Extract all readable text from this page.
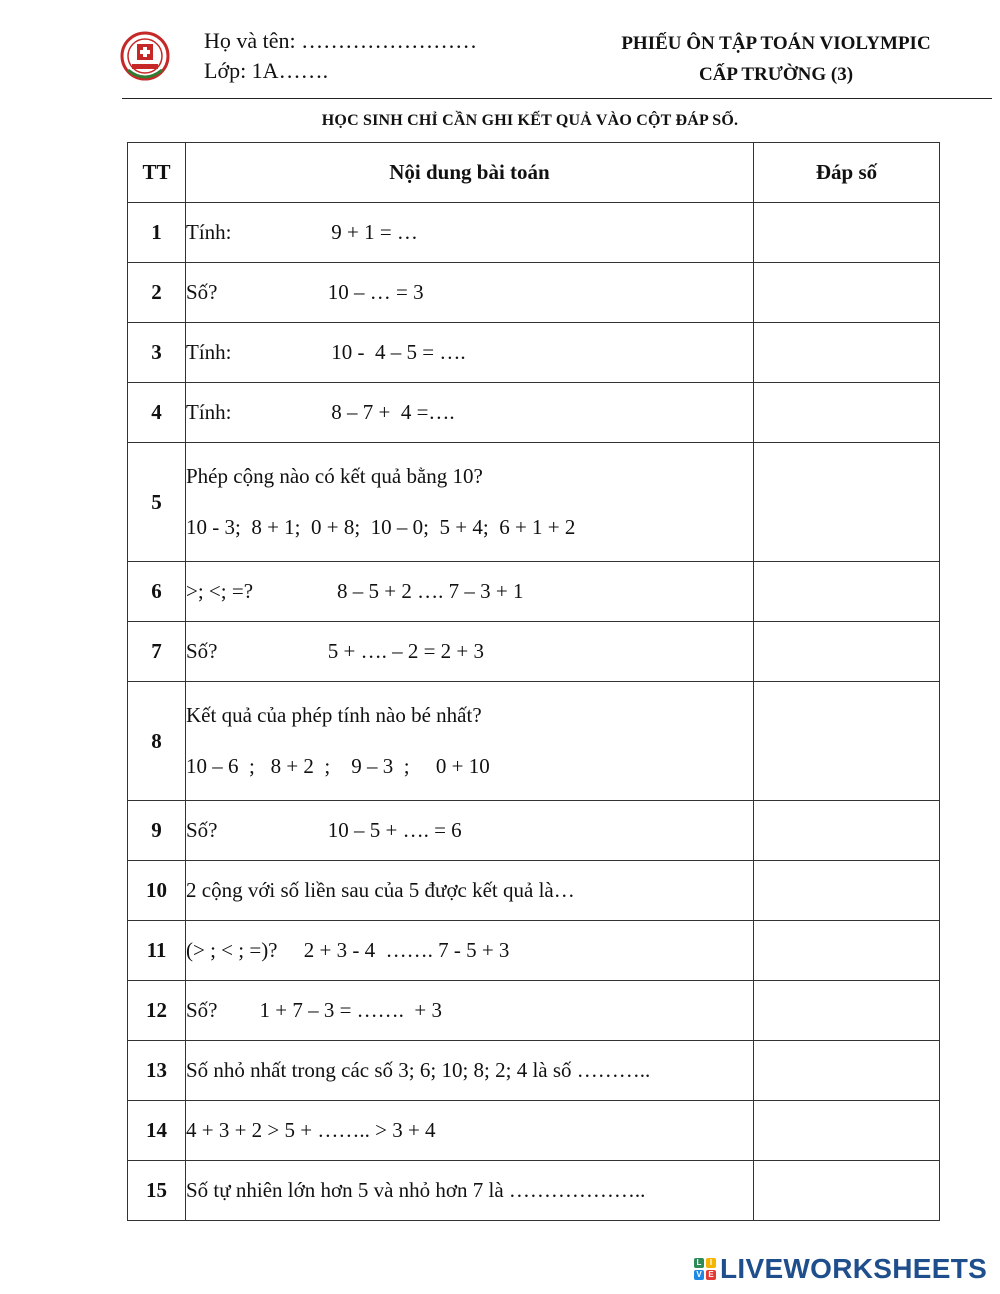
Họ và tên: ……………………
Lớp: 1A…….
PHIẾU ÔN TẬP TOÁN VIOLYMPIC
CẤP TRƯỜNG (3)
HỌC SINH CHỈ CẦN GHI KẾT QUẢ VÀO CỘT ĐÁP SỐ.
TT	Nội dung bài toán	Đáp số
1	Tính:                   9 + 1 = …

2	Số?                     10 – … = 3

3	Tính:                   10 -  4 – 5 = ….

4	Tính:                   8 – 7 +  4 =….

5	Phép cộng nào có kết quả bằng 10?
10 - 3;  8 + 1;  0 + 8;  10 – 0;  5 + 4;  6 + 1 + 2

6	>; <; =?                8 – 5 + 2 …. 7 – 3 + 1

7	Số?                     5 + …. – 2 = 2 + 3

8	Kết quả của phép tính nào bé nhất?
10 – 6  ;   8 + 2  ;    9 – 3  ;     0 + 10

9	Số?                     10 – 5 + …. = 6

10	2 cộng với số liền sau của 5 được kết quả là…

11	(> ; < ; =)?     2 + 3 - 4  ……. 7 - 5 + 3

12	Số?        1 + 7 – 3 = …….  + 3

13	Số nhỏ nhất trong các số 3; 6; 10; 8; 2; 4 là số ………..

14	4 + 3 + 2 > 5 + …….. > 3 + 4

15	Số tự nhiên lớn hơn 5 và nhỏ hơn 7 là ………………..

L	I
V E LIVEWORKSHEETS
